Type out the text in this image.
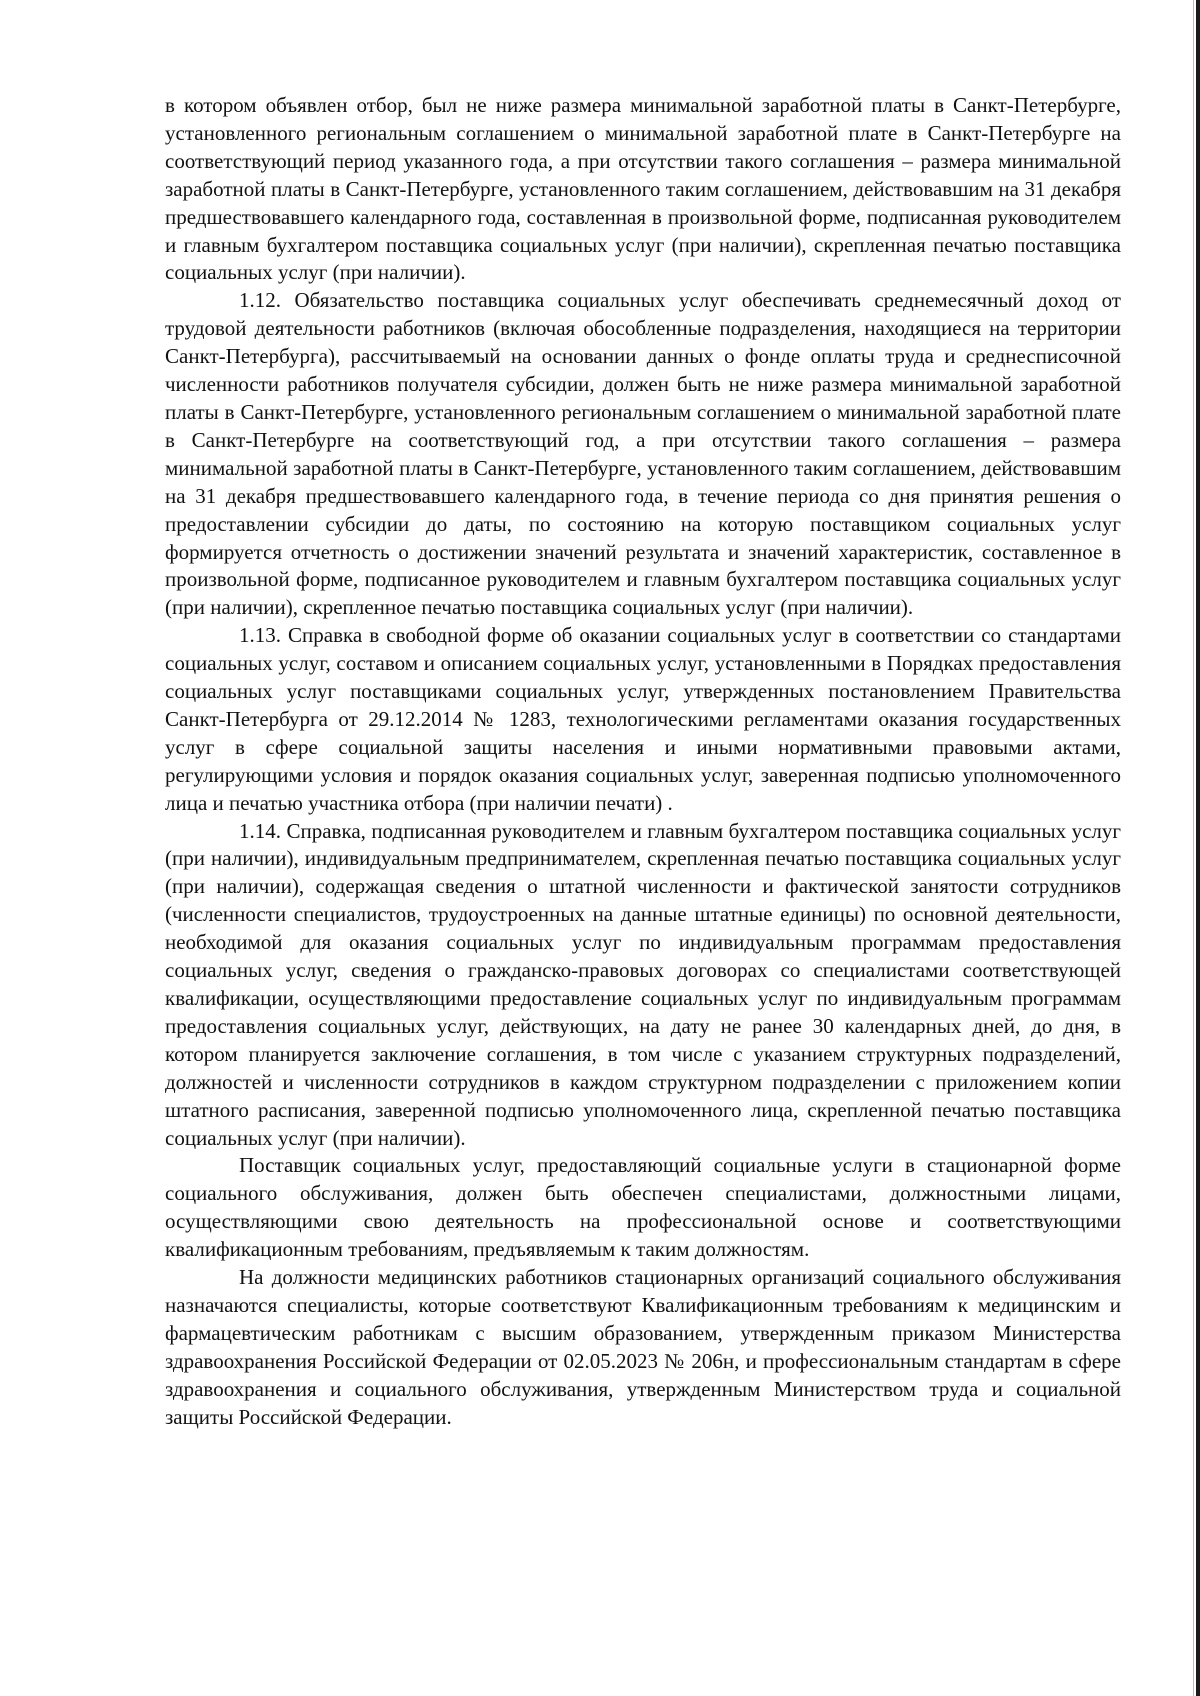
в котором объявлен отбор, был не ниже размера минимальной заработной платы в Санкт-Петербурге, установленного региональным соглашением о минимальной заработной плате в Санкт-Петербурге на соответствующий период указанного года, а при отсутствии такого соглашения – размера минимальной заработной платы в Санкт-Петербурге, установленного таким соглашением, действовавшим на 31 декабря предшествовавшего календарного года, составленная в произвольной форме, подписанная руководителем и главным бухгалтером поставщика социальных услуг (при наличии), скрепленная печатью поставщика социальных услуг (при наличии).

1.12. Обязательство поставщика социальных услуг обеспечивать среднемесячный доход от трудовой деятельности работников (включая обособленные подразделения, находящиеся на территории Санкт-Петербурга), рассчитываемый на основании данных о фонде оплаты труда и среднесписочной численности работников получателя субсидии, должен быть не ниже размера минимальной заработной платы в Санкт-Петербурге, установленного региональным соглашением о минимальной заработной плате в Санкт-Петербурге на соответствующий год, а при отсутствии такого соглашения – размера минимальной заработной платы в Санкт-Петербурге, установленного таким соглашением, действовавшим на 31 декабря предшествовавшего календарного года, в течение периода со дня принятия решения о предоставлении субсидии до даты, по состоянию на которую поставщиком социальных услуг формируется отчетность о достижении значений результата и значений характеристик, составленное в произвольной форме, подписанное руководителем и главным бухгалтером поставщика социальных услуг (при наличии), скрепленное печатью поставщика социальных услуг (при наличии).

1.13. Справка в свободной форме об оказании социальных услуг в соответствии со стандартами социальных услуг, составом и описанием социальных услуг, установленными в Порядках предоставления социальных услуг поставщиками социальных услуг, утвержденных постановлением Правительства Санкт-Петербурга от 29.12.2014 № 1283, технологическими регламентами оказания государственных услуг в сфере социальной защиты населения и иными нормативными правовыми актами, регулирующими условия и порядок оказания социальных услуг, заверенная подписью уполномоченного лица и печатью участника отбора (при наличии печати) .

1.14. Справка, подписанная руководителем и главным бухгалтером поставщика социальных услуг (при наличии), индивидуальным предпринимателем, скрепленная печатью поставщика социальных услуг (при наличии), содержащая сведения о штатной численности и фактической занятости сотрудников (численности специалистов, трудоустроенных на данные штатные единицы) по основной деятельности, необходимой для оказания социальных услуг по индивидуальным программам предоставления социальных услуг, сведения о гражданско-правовых договорах со специалистами соответствующей квалификации, осуществляющими предоставление социальных услуг по индивидуальным программам предоставления социальных услуг, действующих, на дату не ранее 30 календарных дней, до дня, в котором планируется заключение соглашения, в том числе с указанием структурных подразделений, должностей и численности сотрудников в каждом структурном подразделении с приложением копии штатного расписания, заверенной подписью уполномоченного лица, скрепленной печатью поставщика социальных услуг (при наличии).

Поставщик социальных услуг, предоставляющий социальные услуги в стационарной форме социального обслуживания, должен быть обеспечен специалистами, должностными лицами, осуществляющими свою деятельность на профессиональной основе и соответствующими квалификационным требованиям, предъявляемым к таким должностям.

На должности медицинских работников стационарных организаций социального обслуживания назначаются специалисты, которые соответствуют Квалификационным требованиям к медицинским и фармацевтическим работникам с высшим образованием, утвержденным приказом Министерства здравоохранения Российской Федерации от 02.05.2023 № 206н, и профессиональным стандартам в сфере здравоохранения и социального обслуживания, утвержденным Министерством труда и социальной защиты Российской Федерации.
